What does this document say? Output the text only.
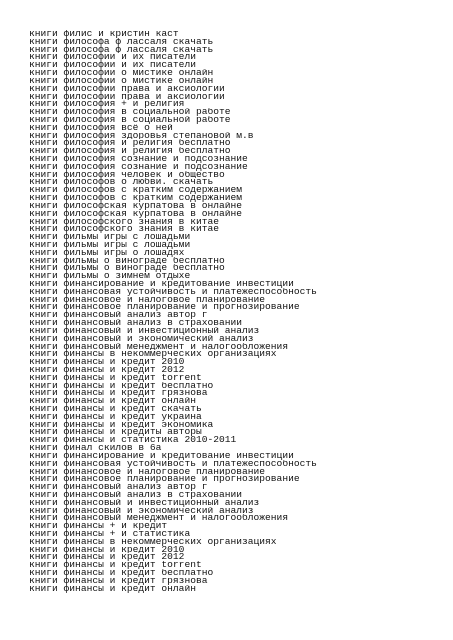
книги филис и кристин каст
книги философа ф лассаля скачать
книги философа ф лассаля скачать
книги философии и их писатели
книги философии и их писатели
книги философии о мистике онлайн
книги философии о мистике онлайн
книги философии права и аксиологии
книги философии права и аксиологии
книги философия + и религия
книги философия в социальной работе
книги философия в социальной работе
книги философия всё о ней
книги философия здоровья степановой м.в
книги философия и религия бесплатно
книги философия и религия бесплатно
книги философия сознание и подсознание
книги философия сознание и подсознание
книги философия человек и общество
книги философов о любви. скачать
книги философов с кратким содержанием
книги философов с кратким содержанием
книги философская курпатова в онлайне
книги философская курпатова в онлайне
книги философского знания в китае
книги философского знания в китае
книги фильмы игры с лошадьми
книги фильмы игры с лошадьми
книги фильмы игры о лошадях
книги фильмы о винограде бесплатно
книги фильмы о винограде бесплатно
книги фильмы о зимнем отдыхе
книги финансирование и кредитование инвестиции
книги финансовая устойчивость и платежеспособность
книги финансовое и налоговое планирование
книги финансовое планирование и прогнозирование
книги финансовый анализ автор г
книги финансовый анализ в страховании
книги финансовый и инвестиционный анализ
книги финансовый и экономический анализ
книги финансовый менеджмент и налогообложения
книги финансы в некоммерческих организациях
книги финансы и кредит 2010
книги финансы и кредит 2012
книги финансы и кредит torrent
книги финансы и кредит бесплатно
книги финансы и кредит грязнова
книги финансы и кредит онлайн
книги финансы и кредит скачать
книги финансы и кредит украина
книги финансы и кредит экономика
книги финансы и кредиты авторы
книги финансы и статистика 2010-2011
книги финал скилов в 6а
книги финансирование и кредитование инвестиции
книги финансовая устойчивость и платежеспособность
книги финансовое и налоговое планирование
книги финансовое планирование и прогнозирование
книги финансовый анализ автор г
книги финансовый анализ в страховании
книги финансовый и инвестиционный анализ
книги финансовый и экономический анализ
книги финансовый менеджмент и налогообложения
книги финансы + и кредит
книги финансы + и статистика
книги финансы в некоммерческих организациях
книги финансы и кредит 2010
книги финансы и кредит 2012
книги финансы и кредит torrent
книги финансы и кредит бесплатно
книги финансы и кредит грязнова
книги финансы и кредит онлайн
